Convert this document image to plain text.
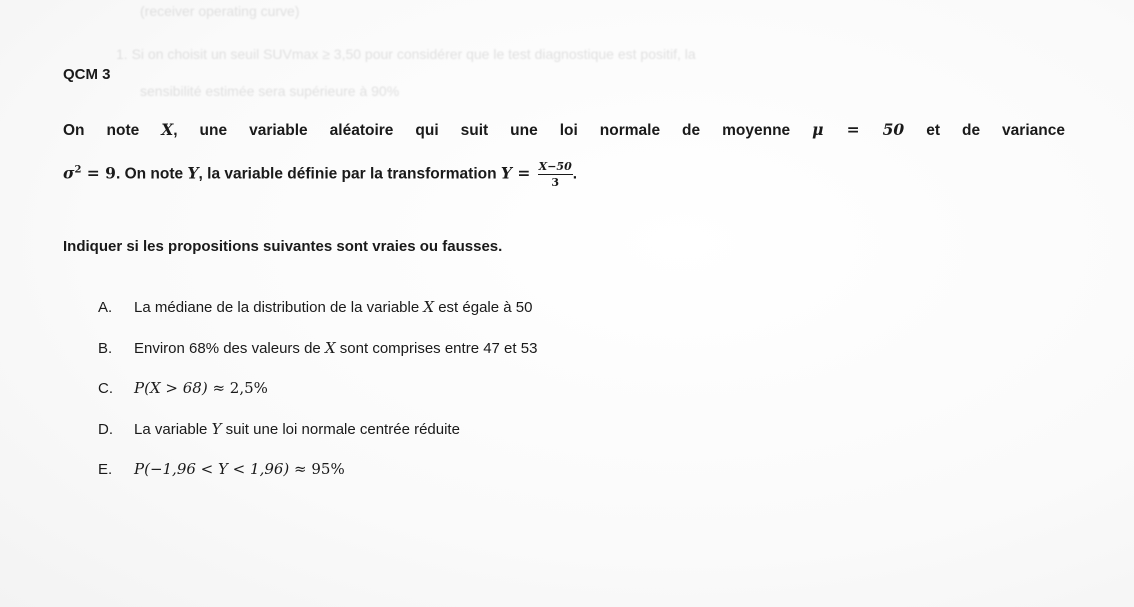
(receiver operating curve)
1. Si on choisit un seuil SUVmax ≥ 3,50 pour considérer que le test diagnostique est positif, la
sensibilité estimée sera supérieure à 90%
QCM 3
On note X, une variable aléatoire qui suit une loi normale de moyenne μ = 50 et de variance
$\sigma^2 = 9$. On note Y, la variable définie par la transformation $Y = \frac{X-50}{3}$ .
Indiquer si les propositions suivantes sont vraies ou fausses.
A. La médiane de la distribution de la variable X est égale à 50
B. Environ 68% des valeurs de X sont comprises entre 47 et 53
C. P(X > 68) ≈ 2,5%
D. La variable Y suit une loi normale centrée réduite
E. P(−1,96 < Y < 1,96) ≈ 95%
